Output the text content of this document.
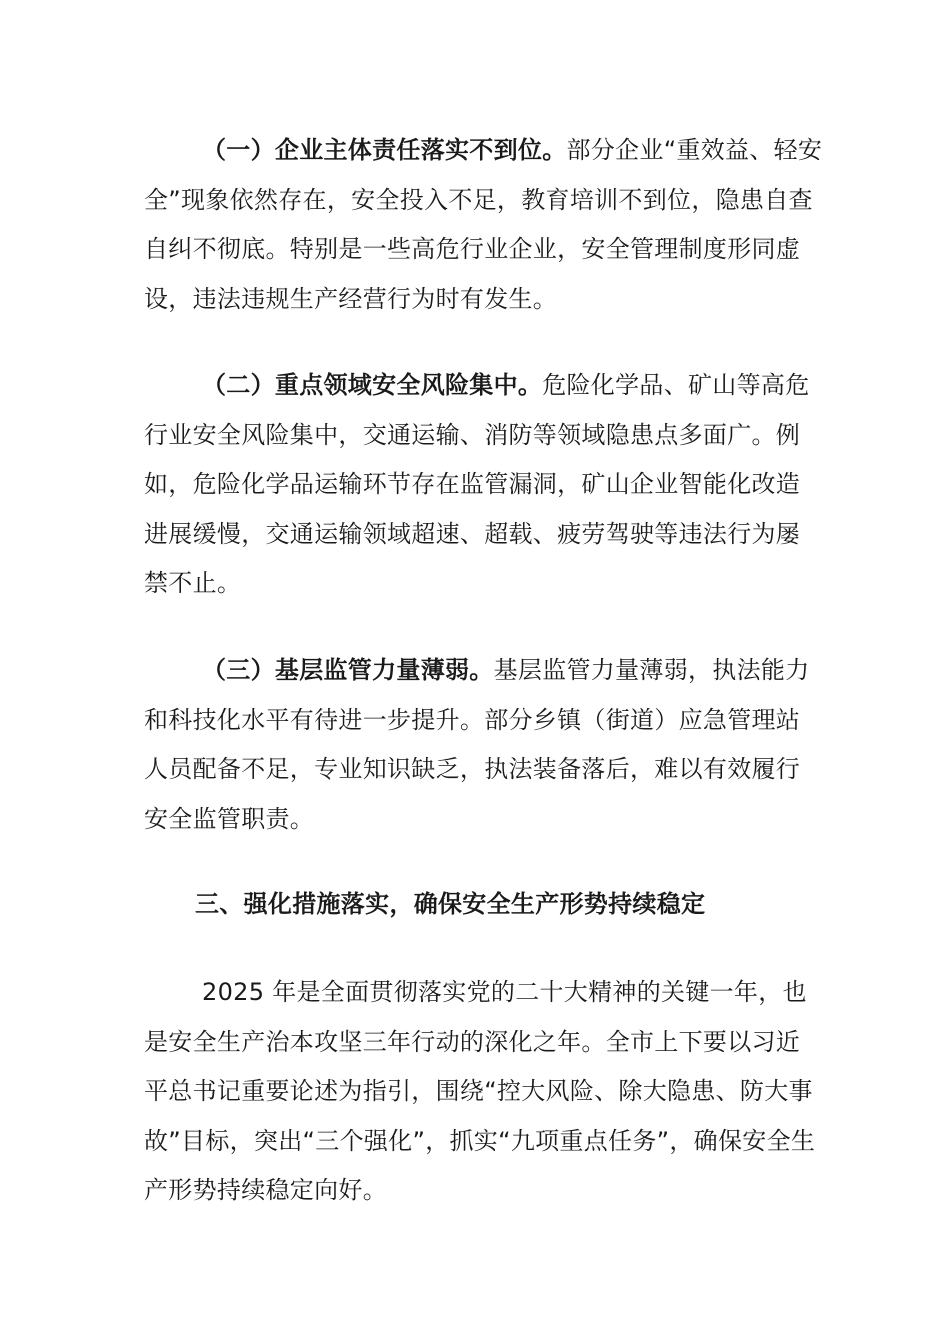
（一）企业主体责任落实不到位。部分企业“重效益、轻安全”现象依然存在，安全投入不足，教育培训不到位，隐患自查自纠不彻底。特别是一些高危行业企业，安全管理制度形同虚设，违法违规生产经营行为时有发生。

（二）重点领域安全风险集中。危险化学品、矿山等高危行业安全风险集中，交通运输、消防等领域隐患点多面广。例如，危险化学品运输环节存在监管漏洞，矿山企业智能化改造进展缓慢，交通运输领域超速、超载、疲劳驾驶等违法行为屡禁不止。

（三）基层监管力量薄弱。基层监管力量薄弱，执法能力和科技化水平有待进一步提升。部分乡镇（街道）应急管理站人员配备不足，专业知识缺乏，执法装备落后，难以有效履行安全监管职责。

三、强化措施落实，确保安全生产形势持续稳定

2025 年是全面贯彻落实党的二十大精神的关键一年，也是安全生产治本攻坚三年行动的深化之年。全市上下要以习近平总书记重要论述为指引，围绕“控大风险、除大隐患、防大事故”目标，突出“三个强化”，抓实“九项重点任务”，确保安全生产形势持续稳定向好。
